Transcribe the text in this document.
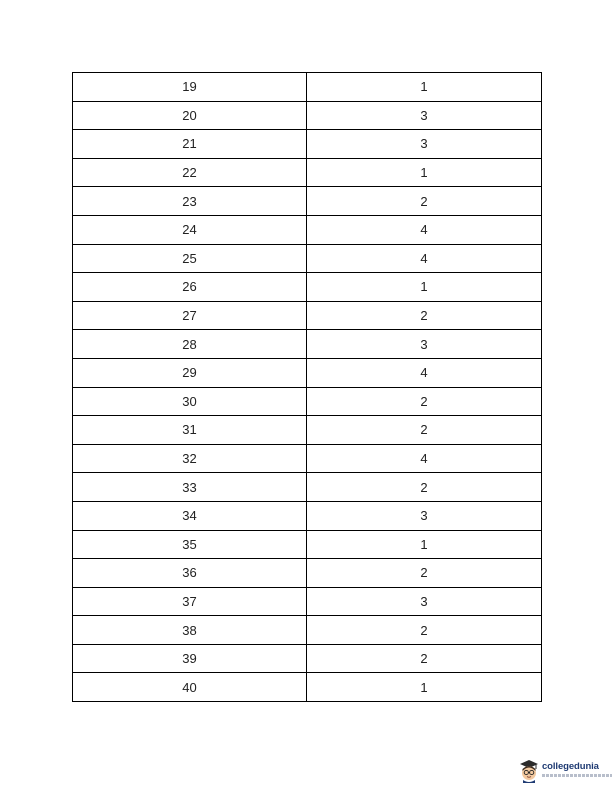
19	1
20	3
21	3
22	1
23	2
24	4
25	4
26	1
27	2
28	3
29	4
30	2
31	2
32	4
33	2
34	3
35	1
36	2
37	3
38	2
39	2
40	1
collegedunia
